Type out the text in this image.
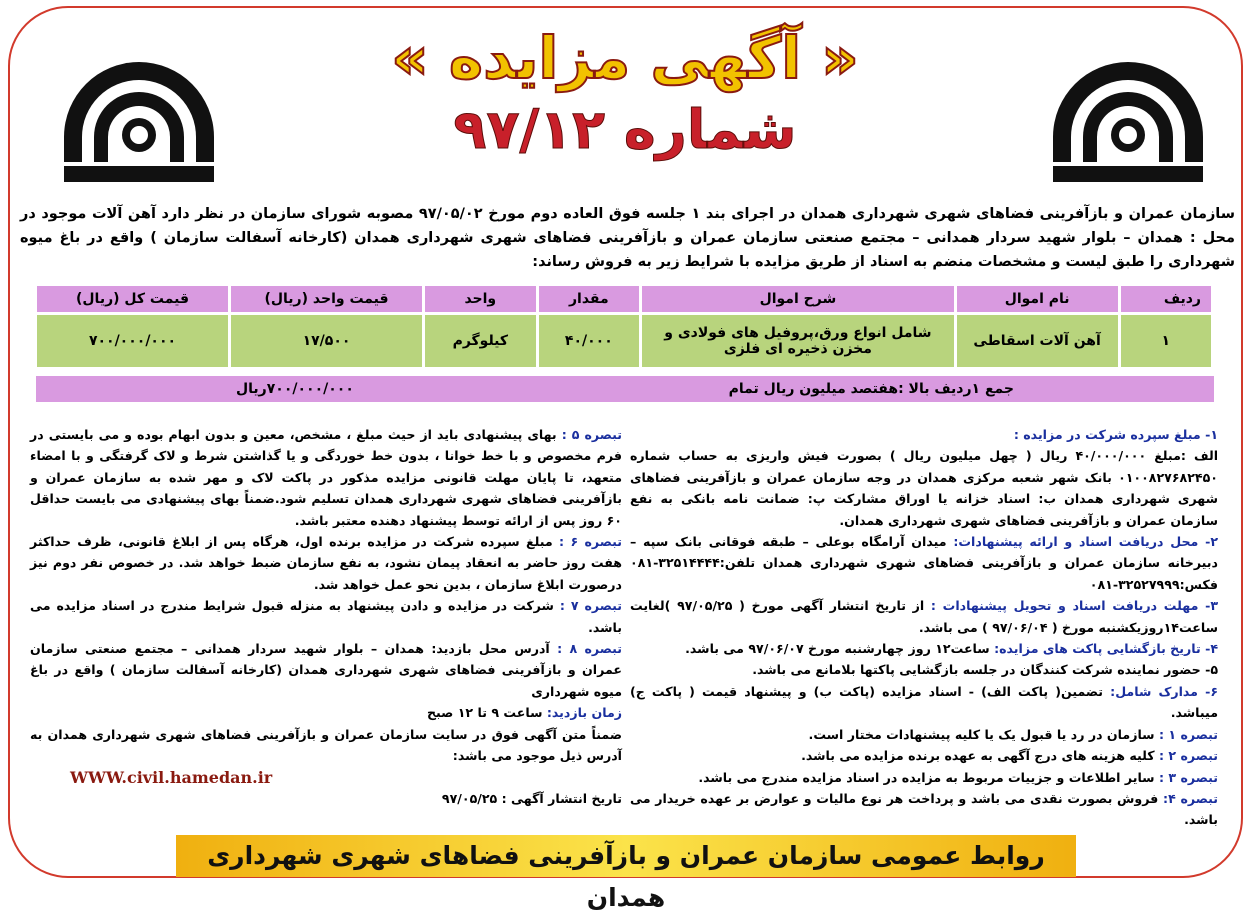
« آگهی مزایده »
شماره ۹۷/۱۲
سازمان عمران و بازآفرینی فضاهای شهری شهرداری همدان در اجرای بند ۱ جلسه فوق العاده دوم مورخ ۹۷/۰۵/۰۲ مصوبه شورای سازمان در نظر دارد آهن آلات موجود در محل : همدان – بلوار شهید سردار همدانی – مجتمع صنعتی سازمان عمران و بازآفرینی فضاهای شهری شهرداری همدان (کارخانه آسفالت سازمان ) واقع در باغ میوه شهرداری را طبق لیست و مشخصات منضم به اسناد از طریق مزایده با شرایط زیر به فروش رساند:
ردیف	نام اموال	شرح اموال	مقدار	واحد	قیمت واحد (ریال)	قیمت کل (ریال)
۱	آهن آلات اسقاطی	شامل انواع ورق،پروفیل های فولادی و مخزن ذخیره ای فلزی	۴۰/۰۰۰	کیلوگرم	۱۷/۵۰۰	۷۰۰/۰۰۰/۰۰۰
جمع ۱ردیف بالا :هفتصد میلیون ریال تمام
۷۰۰/۰۰۰/۰۰۰ریال

۱- مبلغ سپرده شرکت در مزایده :

الف :مبلغ ۴۰/۰۰۰/۰۰۰ ریال ( چهل میلیون ریال ) بصورت فیش واریزی به حساب شماره ۰۱۰۰۸۲۷۶۸۲۴۵۰ بانک شهر شعبه مرکزی همدان در وجه سازمان عمران و بازآفرینی فضاهای شهری شهرداری همدان ب: اسناد خزانه یا اوراق مشارکت پ: ضمانت نامه بانکی به نفع سازمان عمران و بازآفرینی فضاهای شهری شهرداری همدان.

۲- محل دریافت اسناد و ارائه پیشنهادات: میدان آرامگاه بوعلی – طبقه فوقانی بانک سپه – دبیرخانه سازمان عمران و بازآفرینی فضاهای شهری شهرداری همدان تلفن:۳۲۵۱۴۴۴۴-۰۸۱ فکس:۳۲۵۲۷۹۹۹-۰۸۱

۳- مهلت دریافت اسناد و تحویل پیشنهادات : از تاریخ انتشار آگهی مورخ ( ۹۷/۰۵/۲۵ )لغایت ساعت۱۴روزیکشنبه مورخ ( ۹۷/۰۶/۰۴ ) می باشد.

۴- تاریخ بازگشایی پاکت های مزایده: ساعت۱۲ روز چهارشنبه مورخ ۹۷/۰۶/۰۷ می باشد.

۵- حضور نماینده شرکت کنندگان در جلسه بازگشایی پاکتها بلامانع می باشد.

۶- مدارک شامل: تضمین( پاکت الف) - اسناد مزایده (پاکت ب) و پیشنهاد قیمت ( پاکت ج) میباشد.

تبصره ۱ : سازمان در رد یا قبول یک یا کلیه پیشنهادات مختار است.

تبصره ۲ : کلیه هزینه های درج آگهی به عهده برنده مزایده می باشد.

تبصره ۳ : سایر اطلاعات و جزییات مربوط به مزایده در اسناد مزایده مندرج می باشد.

تبصره ۴: فروش بصورت نقدی می باشد و پرداخت هر نوع مالیات و عوارض بر عهده خریدار می باشد.

تبصره ۵ : بهای پیشنهادی باید از حیث مبلغ ، مشخص، معین و بدون ابهام بوده و می بایستی در فرم مخصوص و با خط خوانا ، بدون خط خوردگی و یا گذاشتن شرط و لاک گرفتگی و با امضاء متعهد، تا پایان مهلت قانونی مزایده مذکور در پاکت لاک و مهر شده به سازمان عمران و بازآفرینی فضاهای شهری شهرداری همدان تسلیم شود.ضمناً بهای پیشنهادی می بایست حداقل ۶۰ روز پس از ارائه توسط پیشنهاد دهنده معتبر باشد.

تبصره ۶ : مبلغ سپرده شرکت در مزایده برنده اول، هرگاه پس از ابلاغ قانونی، ظرف حداکثر هفت روز حاضر به انعقاد پیمان نشود، به نفع سازمان ضبط خواهد شد. در خصوص نفر دوم نیز درصورت ابلاغ سازمان ، بدین نحو عمل خواهد شد.

تبصره ۷ : شرکت در مزایده و دادن پیشنهاد به منزله قبول شرایط مندرج در اسناد مزایده می باشد.

تبصره ۸ : آدرس محل بازدید: همدان – بلوار شهید سردار همدانی – مجتمع صنعتی سازمان عمران و بازآفرینی فضاهای شهری شهرداری همدان (کارخانه آسفالت سازمان ) واقع در باغ میوه شهرداری

زمان بازدید: ساعت ۹ تا ۱۲ صبح

ضمناً متن آگهی فوق در سایت سازمان عمران و بازآفرینی فضاهای شهری شهرداری همدان به آدرس ذیل موجود می باشد:

WWW.civil.hamedan.ir

تاریخ انتشار آگهی : ۹۷/۰۵/۲۵

روابط عمومی سازمان عمران و بازآفرینی فضاهای شهری شهرداری همدان
